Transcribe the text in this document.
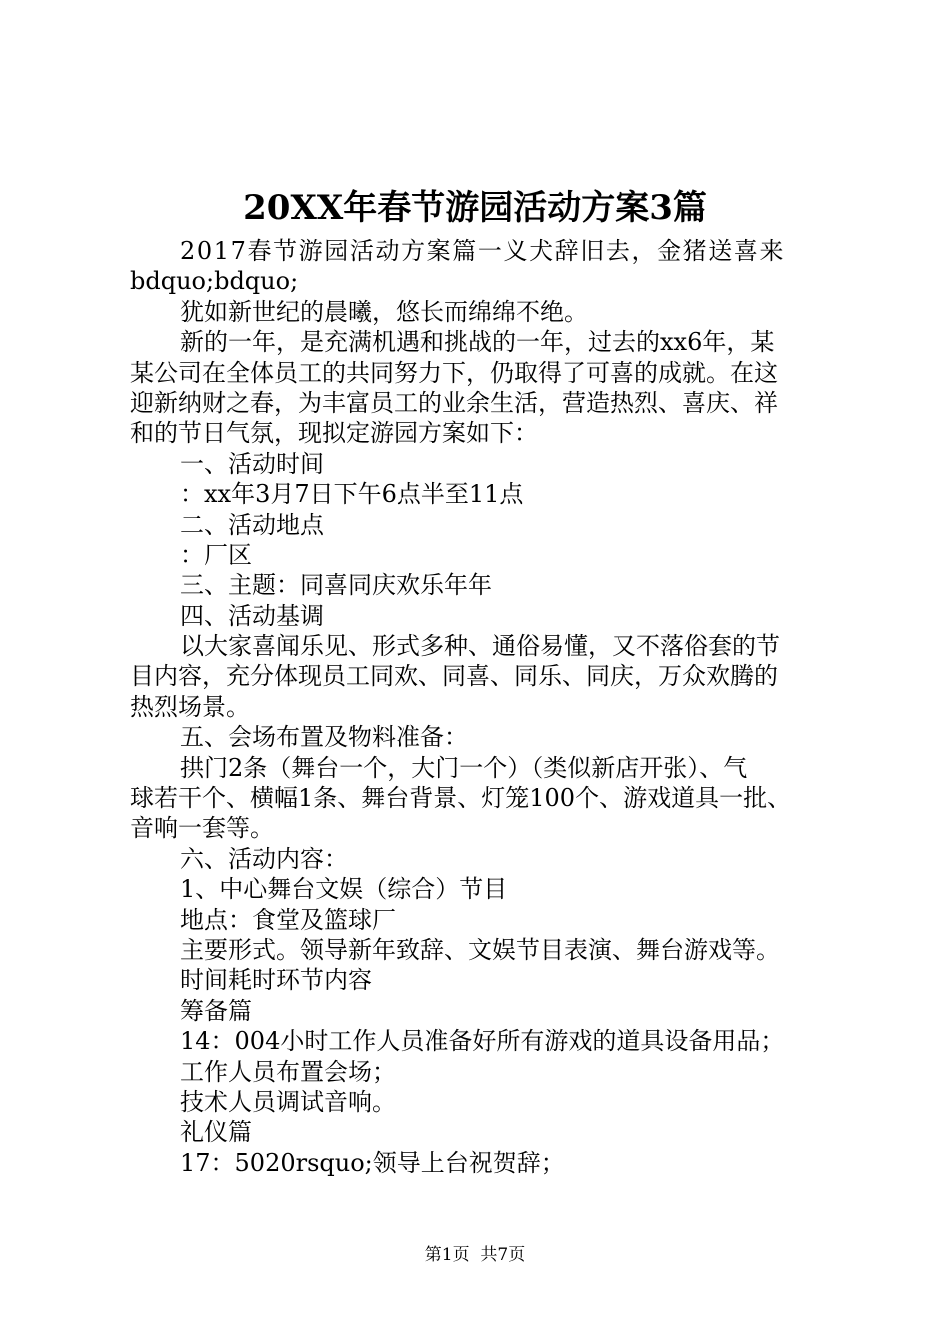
20XX年春节游园活动方案3篇
2017春节游园活动方案篇一义犬辞旧去，金猪送喜来
bdquo;bdquo;
犹如新世纪的晨曦，悠长而绵绵不绝。
新的一年，是充满机遇和挑战的一年，过去的xx6年，某
某公司在全体员工的共同努力下，仍取得了可喜的成就。在这
迎新纳财之春，为丰富员工的业余生活，营造热烈、喜庆、祥
和的节日气氛，现拟定游园方案如下：
一、活动时间
：xx年3月7日下午6点半至11点
二、活动地点
：厂区
三、主题：同喜同庆欢乐年年
四、活动基调
以大家喜闻乐见、形式多种、通俗易懂，又不落俗套的节
目内容，充分体现员工同欢、同喜、同乐、同庆，万众欢腾的
热烈场景。
五、会场布置及物料准备：
拱门2条（舞台一个，大门一个）（类似新店开张）、气
球若干个、横幅1条、舞台背景、灯笼100个、游戏道具一批、
音响一套等。
六、活动内容：
1、中心舞台文娱（综合）节目
地点：食堂及篮球厂
主要形式。领导新年致辞、文娱节目表演、舞台游戏等。
时间耗时环节内容
筹备篇
14：004小时工作人员准备好所有游戏的道具设备用品；
工作人员布置会场；
技术人员调试音响。
礼仪篇
17：5020rsquo;领导上台祝贺辞；
第1页  共7页
